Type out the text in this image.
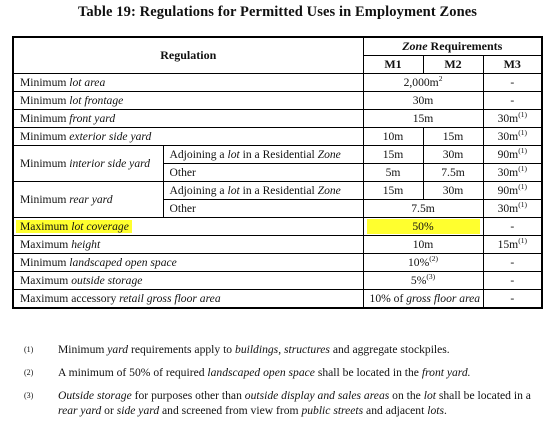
Table 19: Regulations for Permitted Uses in Employment Zones
Regulation		Zone Requirements		
		M1	M2	M3
Minimum lot area		$2,000m^2$		-
Minimum lot frontage		30m		-
Minimum front yard		15m		$30m^{(1)}$
Minimum exterior side yard		10m	15m	$30m^{(1)}$
Minimum interior side yard	Adjoining a lot in a Residential Zone	15m	30m	$90m^{(1)}$
	Other	5m	7.5m	$30m^{(1)}$
Minimum rear yard	Adjoining a lot in a Residential Zone	15m	30m	$90m^{(1)}$
	Other	7.5m		$30m^{(1)}$
Maximum lot coverage		50%		-
Maximum height		10m		$15m^{(1)}$
Minimum landscaped open space		10%$^{(2)}$		-
Maximum outside storage		5%$^{(3)}$		-
Maximum accessory retail gross floor area		10% of gross floor area		-
(1) Minimum yard requirements apply to buildings, structures and aggregate stockpiles.
(2) A minimum of 50% of required landscaped open space shall be located in the front yard.
(3) Outside storage for purposes other than outside display and sales areas on the lot shall be located in a rear yard or side yard and screened from view from public streets and adjacent lots.
